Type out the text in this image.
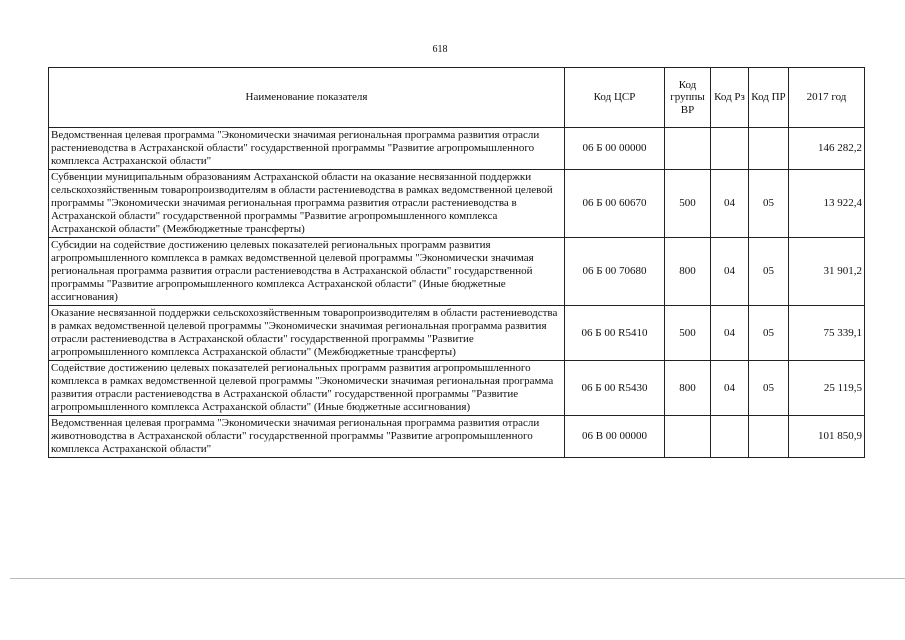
618
Наименование показателя	Код ЦСР	Код группы ВР	Код Рз	Код ПР	2017 год
Ведомственная целевая программа "Экономически значимая региональная программа развития отрасли растениеводства в Астраханской области" государственной программы "Развитие агропромышленного комплекса Астраханской области"	06 Б 00 00000				146 282,2
Субвенции муниципальным образованиям Астраханской области на оказание несвязанной поддержки сельскохозяйственным товаропроизводителям в области растениеводства в рамках ведомственной целевой программы "Экономически значимая региональная программа развития отрасли растениеводства в Астраханской области" государственной программы "Развитие агропромышленного комплекса Астраханской области" (Межбюджетные трансферты)	06 Б 00 60670	500	04	05	13 922,4
Субсидии на содействие достижению целевых показателей региональных программ развития агропромышленного комплекса в рамках ведомственной целевой программы "Экономически значимая региональная программа развития отрасли растениеводства в Астраханской области" государственной программы "Развитие агропромышленного комплекса Астраханской области" (Иные бюджетные ассигнования)	06 Б 00 70680	800	04	05	31 901,2
Оказание несвязанной поддержки сельскохозяйственным товаропроизводителям в области растениеводства в рамках ведомственной целевой программы "Экономически значимая региональная программа развития отрасли растениеводства в Астраханской области" государственной программы "Развитие агропромышленного комплекса Астраханской области" (Межбюджетные трансферты)	06 Б 00 R5410	500	04	05	75 339,1
Содействие достижению целевых показателей региональных программ развития агропромышленного комплекса в рамках ведомственной целевой программы "Экономически значимая региональная программа развития отрасли растениеводства в Астраханской области" государственной программы "Развитие агропромышленного комплекса Астраханской области" (Иные бюджетные ассигнования)	06 Б 00 R5430	800	04	05	25 119,5
Ведомственная целевая программа "Экономически значимая региональная программа развития отрасли животноводства в Астраханской области" государственной программы "Развитие агропромышленного комплекса Астраханской области"	06 В 00 00000				101 850,9
